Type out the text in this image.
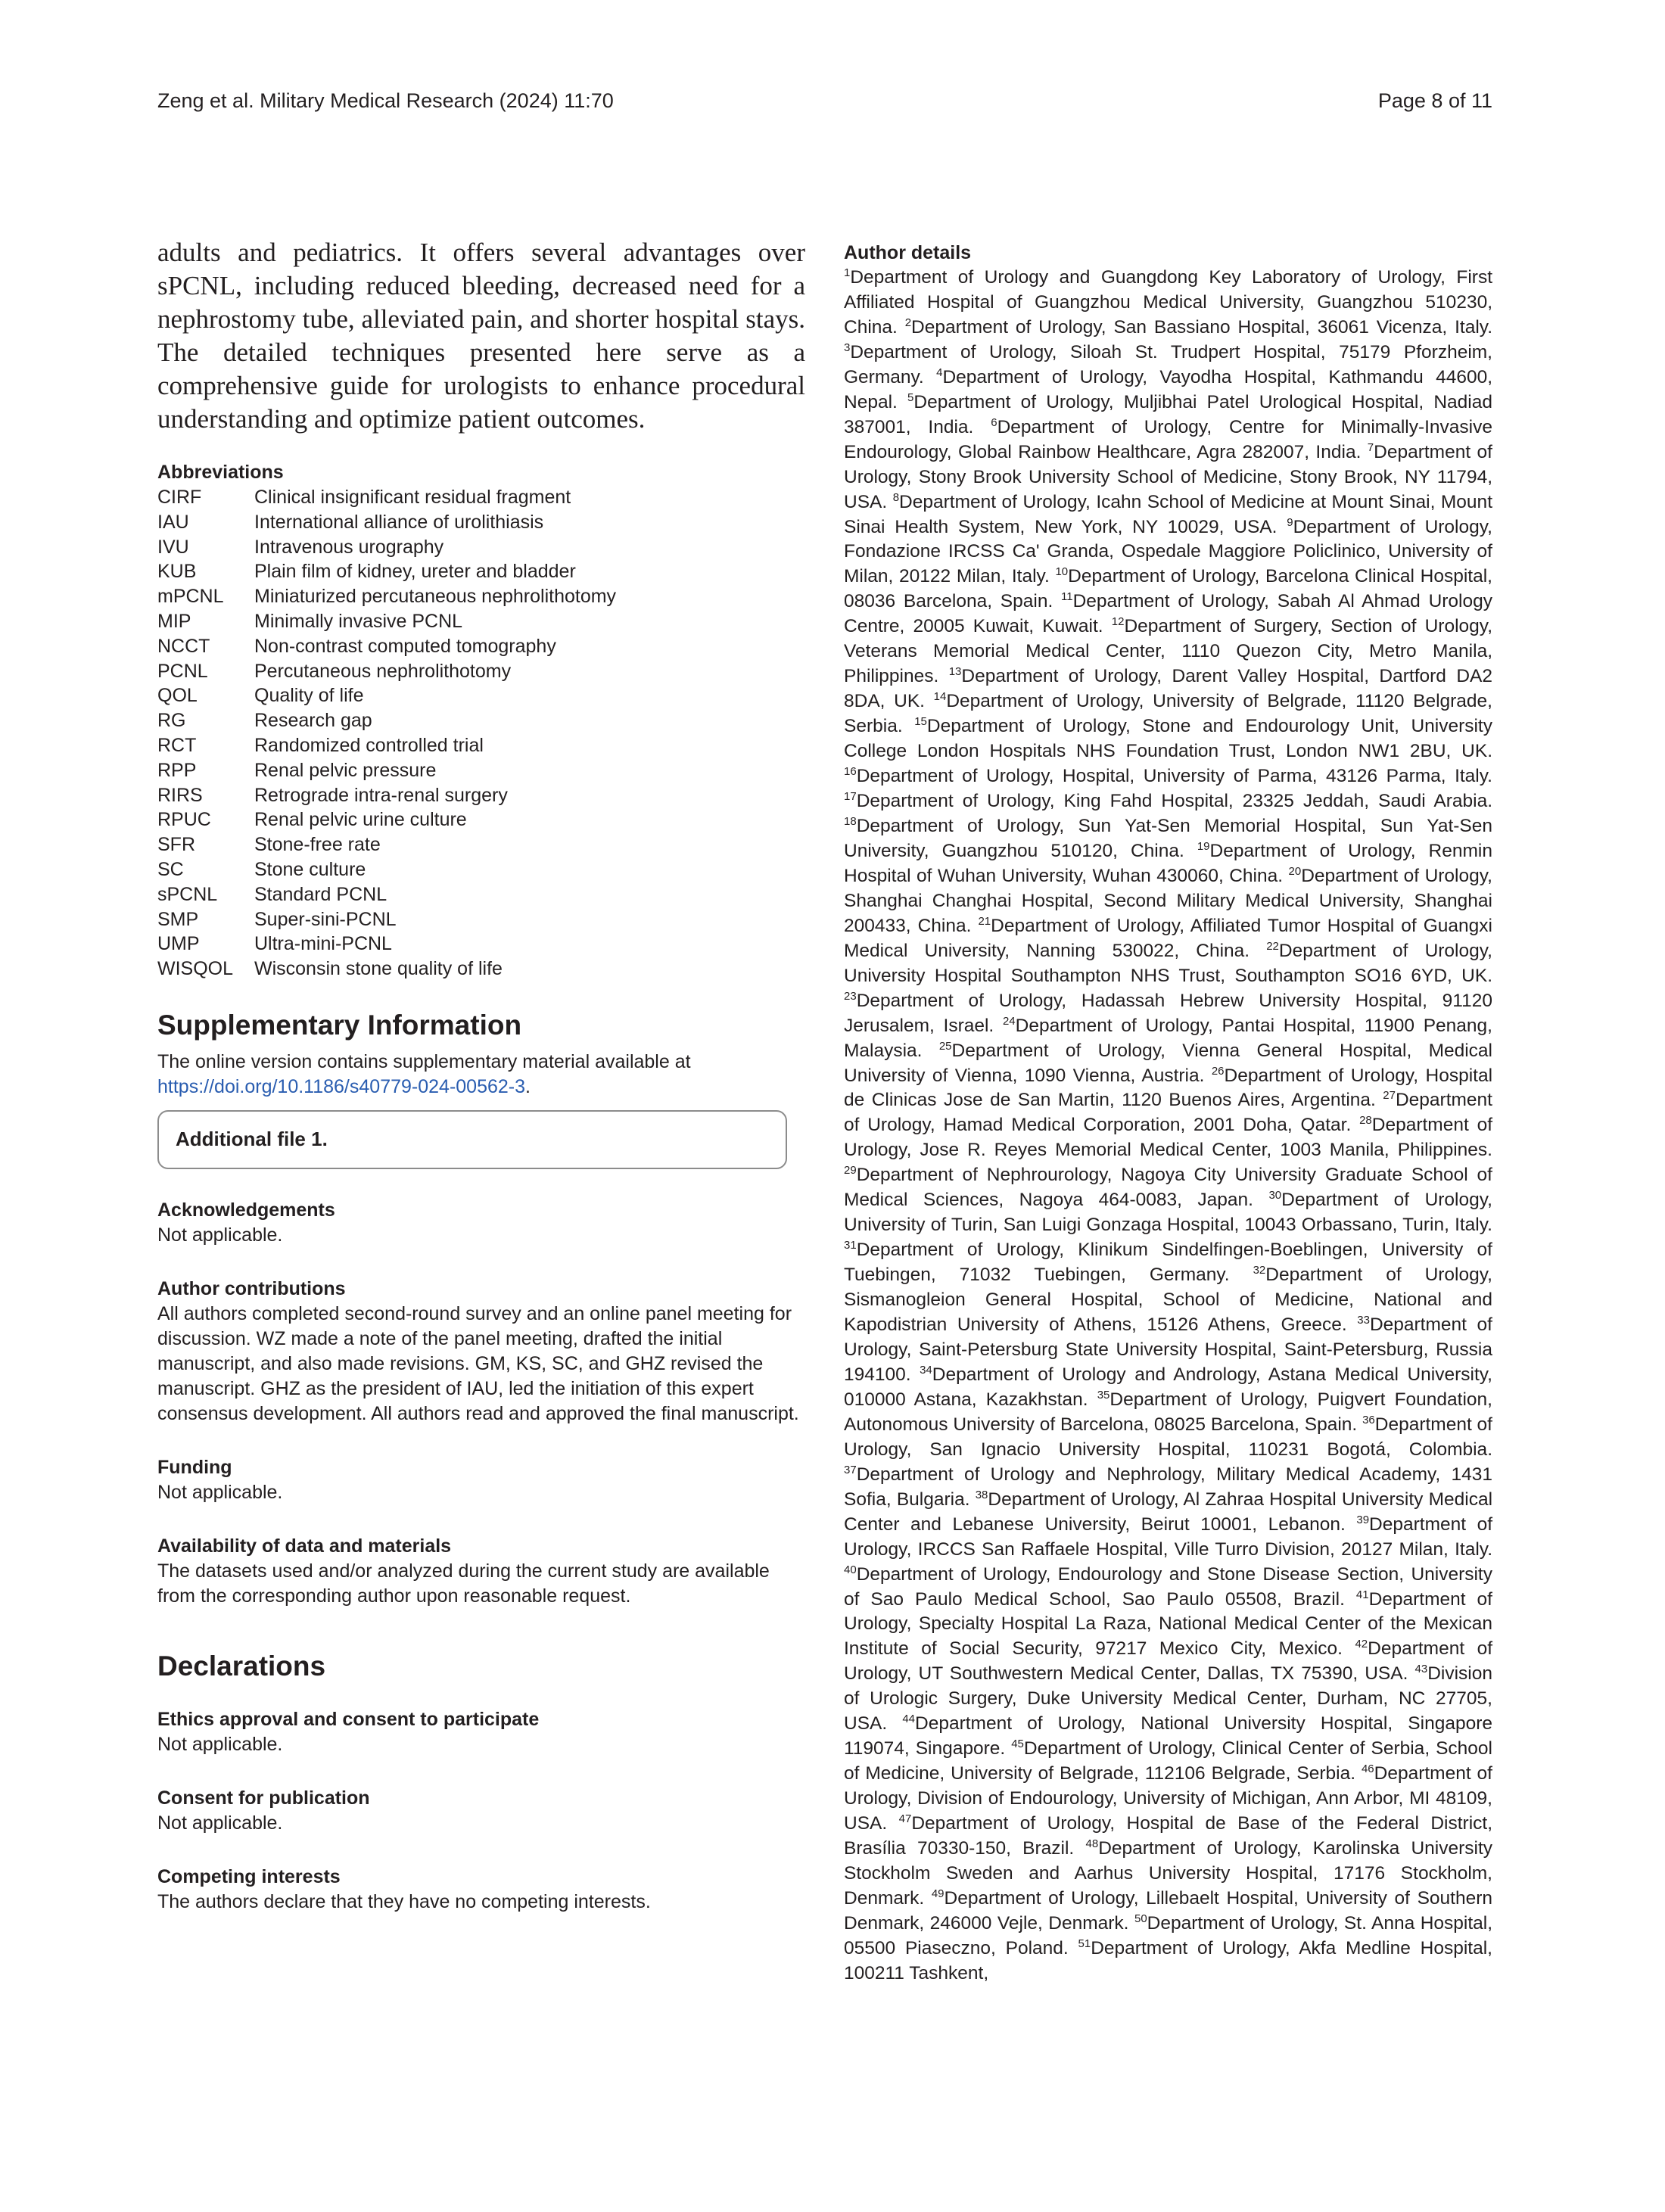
Zeng et al. Military Medical Research (2024) 11:70	Page 8 of 11

adults and pediatrics. It offers several advantages over sPCNL, including reduced bleeding, decreased need for a nephrostomy tube, alleviated pain, and shorter hospital stays. The detailed techniques presented here serve as a comprehensive guide for urologists to enhance procedural understanding and optimize patient outcomes.

Abbreviations

CIRF	Clinical insignificant residual fragment
IAU	International alliance of urolithiasis
IVU	Intravenous urography
KUB	Plain film of kidney, ureter and bladder
mPCNL	Miniaturized percutaneous nephrolithotomy
MIP	Minimally invasive PCNL
NCCT	Non-contrast computed tomography
PCNL	Percutaneous nephrolithotomy
QOL	Quality of life
RG	Research gap
RCT	Randomized controlled trial
RPP	Renal pelvic pressure
RIRS	Retrograde intra-renal surgery
RPUC	Renal pelvic urine culture
SFR	Stone-free rate
SC	Stone culture
sPCNL	Standard PCNL
SMP	Super-sini-PCNL
UMP	Ultra-mini-PCNL
WISQOL	Wisconsin stone quality of life

Supplementary Information

The online version contains supplementary material available at https://doi.org/10.1186/s40779-024-00562-3.

Additional file 1.

Acknowledgements

Not applicable.

Author contributions

All authors completed second-round survey and an online panel meeting for discussion. WZ made a note of the panel meeting, drafted the initial manuscript, and also made revisions. GM, KS, SC, and GHZ revised the manuscript. GHZ as the president of IAU, led the initiation of this expert consensus development. All authors read and approved the final manuscript.

Funding

Not applicable.

Availability of data and materials

The datasets used and/or analyzed during the current study are available from the corresponding author upon reasonable request.

Declarations

Ethics approval and consent to participate

Not applicable.

Consent for publication

Not applicable.

Competing interests

The authors declare that they have no competing interests.

Author details

$^1$Department of Urology and Guangdong Key Laboratory of Urology, First Affiliated Hospital of Guangzhou Medical University, Guangzhou 510230, China. $^2$Department of Urology, San Bassiano Hospital, 36061 Vicenza, Italy. $^3$Department of Urology, Siloah St. Trudpert Hospital, 75179 Pforzheim, Germany. $^4$Department of Urology, Vayodha Hospital, Kathmandu 44600, Nepal. $^5$Department of Urology, Muljibhai Patel Urological Hospital, Nadiad 387001, India. $^6$Department of Urology, Centre for Minimally-Invasive Endourology, Global Rainbow Healthcare, Agra 282007, India. $^7$Department of Urology, Stony Brook University School of Medicine, Stony Brook, NY 11794, USA. $^8$Department of Urology, Icahn School of Medicine at Mount Sinai, Mount Sinai Health System, New York, NY 10029, USA. $^9$Department of Urology, Fondazione IRCSS Ca' Granda, Ospedale Maggiore Policlinico, University of Milan, 20122 Milan, Italy. $^{10}$Department of Urology, Barcelona Clinical Hospital, 08036 Barcelona, Spain. $^{11}$Department of Urology, Sabah Al Ahmad Urology Centre, 20005 Kuwait, Kuwait. $^{12}$Department of Surgery, Section of Urology, Veterans Memorial Medical Center, 1110 Quezon City, Metro Manila, Philippines. $^{13}$Department of Urology, Darent Valley Hospital, Dartford DA2 8DA, UK. $^{14}$Department of Urology, University of Belgrade, 11120 Belgrade, Serbia. $^{15}$Department of Urology, Stone and Endourology Unit, University College London Hospitals NHS Foundation Trust, London NW1 2BU, UK. $^{16}$Department of Urology, Hospital, University of Parma, 43126 Parma, Italy. $^{17}$Department of Urology, King Fahd Hospital, 23325 Jeddah, Saudi Arabia. $^{18}$Department of Urology, Sun Yat-Sen Memorial Hospital, Sun Yat-Sen University, Guangzhou 510120, China. $^{19}$Department of Urology, Renmin Hospital of Wuhan University, Wuhan 430060, China. $^{20}$Department of Urology, Shanghai Changhai Hospital, Second Military Medical University, Shanghai 200433, China. $^{21}$Department of Urology, Affiliated Tumor Hospital of Guangxi Medical University, Nanning 530022, China. $^{22}$Department of Urology, University Hospital Southampton NHS Trust, Southampton SO16 6YD, UK. $^{23}$Department of Urology, Hadassah Hebrew University Hospital, 91120 Jerusalem, Israel. $^{24}$Department of Urology, Pantai Hospital, 11900 Penang, Malaysia. $^{25}$Department of Urology, Vienna General Hospital, Medical University of Vienna, 1090 Vienna, Austria. $^{26}$Department of Urology, Hospital de Clinicas Jose de San Martin, 1120 Buenos Aires, Argentina. $^{27}$Department of Urology, Hamad Medical Corporation, 2001 Doha, Qatar. $^{28}$Department of Urology, Jose R. Reyes Memorial Medical Center, 1003 Manila, Philippines. $^{29}$Department of Nephrourology, Nagoya City University Graduate School of Medical Sciences, Nagoya 464-0083, Japan. $^{30}$Department of Urology, University of Turin, San Luigi Gonzaga Hospital, 10043 Orbassano, Turin, Italy. $^{31}$Department of Urology, Klinikum Sindelfingen-Boeblingen, University of Tuebingen, 71032 Tuebingen, Germany. $^{32}$Department of Urology, Sismanogleion General Hospital, School of Medicine, National and Kapodistrian University of Athens, 15126 Athens, Greece. $^{33}$Department of Urology, Saint-Petersburg State University Hospital, Saint-Petersburg, Russia 194100. $^{34}$Department of Urology and Andrology, Astana Medical University, 010000 Astana, Kazakhstan. $^{35}$Department of Urology, Puigvert Foundation, Autonomous University of Barcelona, 08025 Barcelona, Spain. $^{36}$Department of Urology, San Ignacio University Hospital, 110231 Bogotá, Colombia. $^{37}$Department of Urology and Nephrology, Military Medical Academy, 1431 Sofia, Bulgaria. $^{38}$Department of Urology, Al Zahraa Hospital University Medical Center and Lebanese University, Beirut 10001, Lebanon. $^{39}$Department of Urology, IRCCS San Raffaele Hospital, Ville Turro Division, 20127 Milan, Italy. $^{40}$Department of Urology, Endourology and Stone Disease Section, University of Sao Paulo Medical School, Sao Paulo 05508, Brazil. $^{41}$Department of Urology, Specialty Hospital La Raza, National Medical Center of the Mexican Institute of Social Security, 97217 Mexico City, Mexico. $^{42}$Department of Urology, UT Southwestern Medical Center, Dallas, TX 75390, USA. $^{43}$Division of Urologic Surgery, Duke University Medical Center, Durham, NC 27705, USA. $^{44}$Department of Urology, National University Hospital, Singapore 119074, Singapore. $^{45}$Department of Urology, Clinical Center of Serbia, School of Medicine, University of Belgrade, 112106 Belgrade, Serbia. $^{46}$Department of Urology, Division of Endourology, University of Michigan, Ann Arbor, MI 48109, USA. $^{47}$Department of Urology, Hospital de Base of the Federal District, Brasília 70330-150, Brazil. $^{48}$Department of Urology, Karolinska University Stockholm Sweden and Aarhus University Hospital, 17176 Stockholm, Denmark. $^{49}$Department of Urology, Lillebaelt Hospital, University of Southern Denmark, 246000 Vejle, Denmark. $^{50}$Department of Urology, St. Anna Hospital, 05500 Piaseczno, Poland. $^{51}$Department of Urology, Akfa Medline Hospital, 100211 Tashkent,
